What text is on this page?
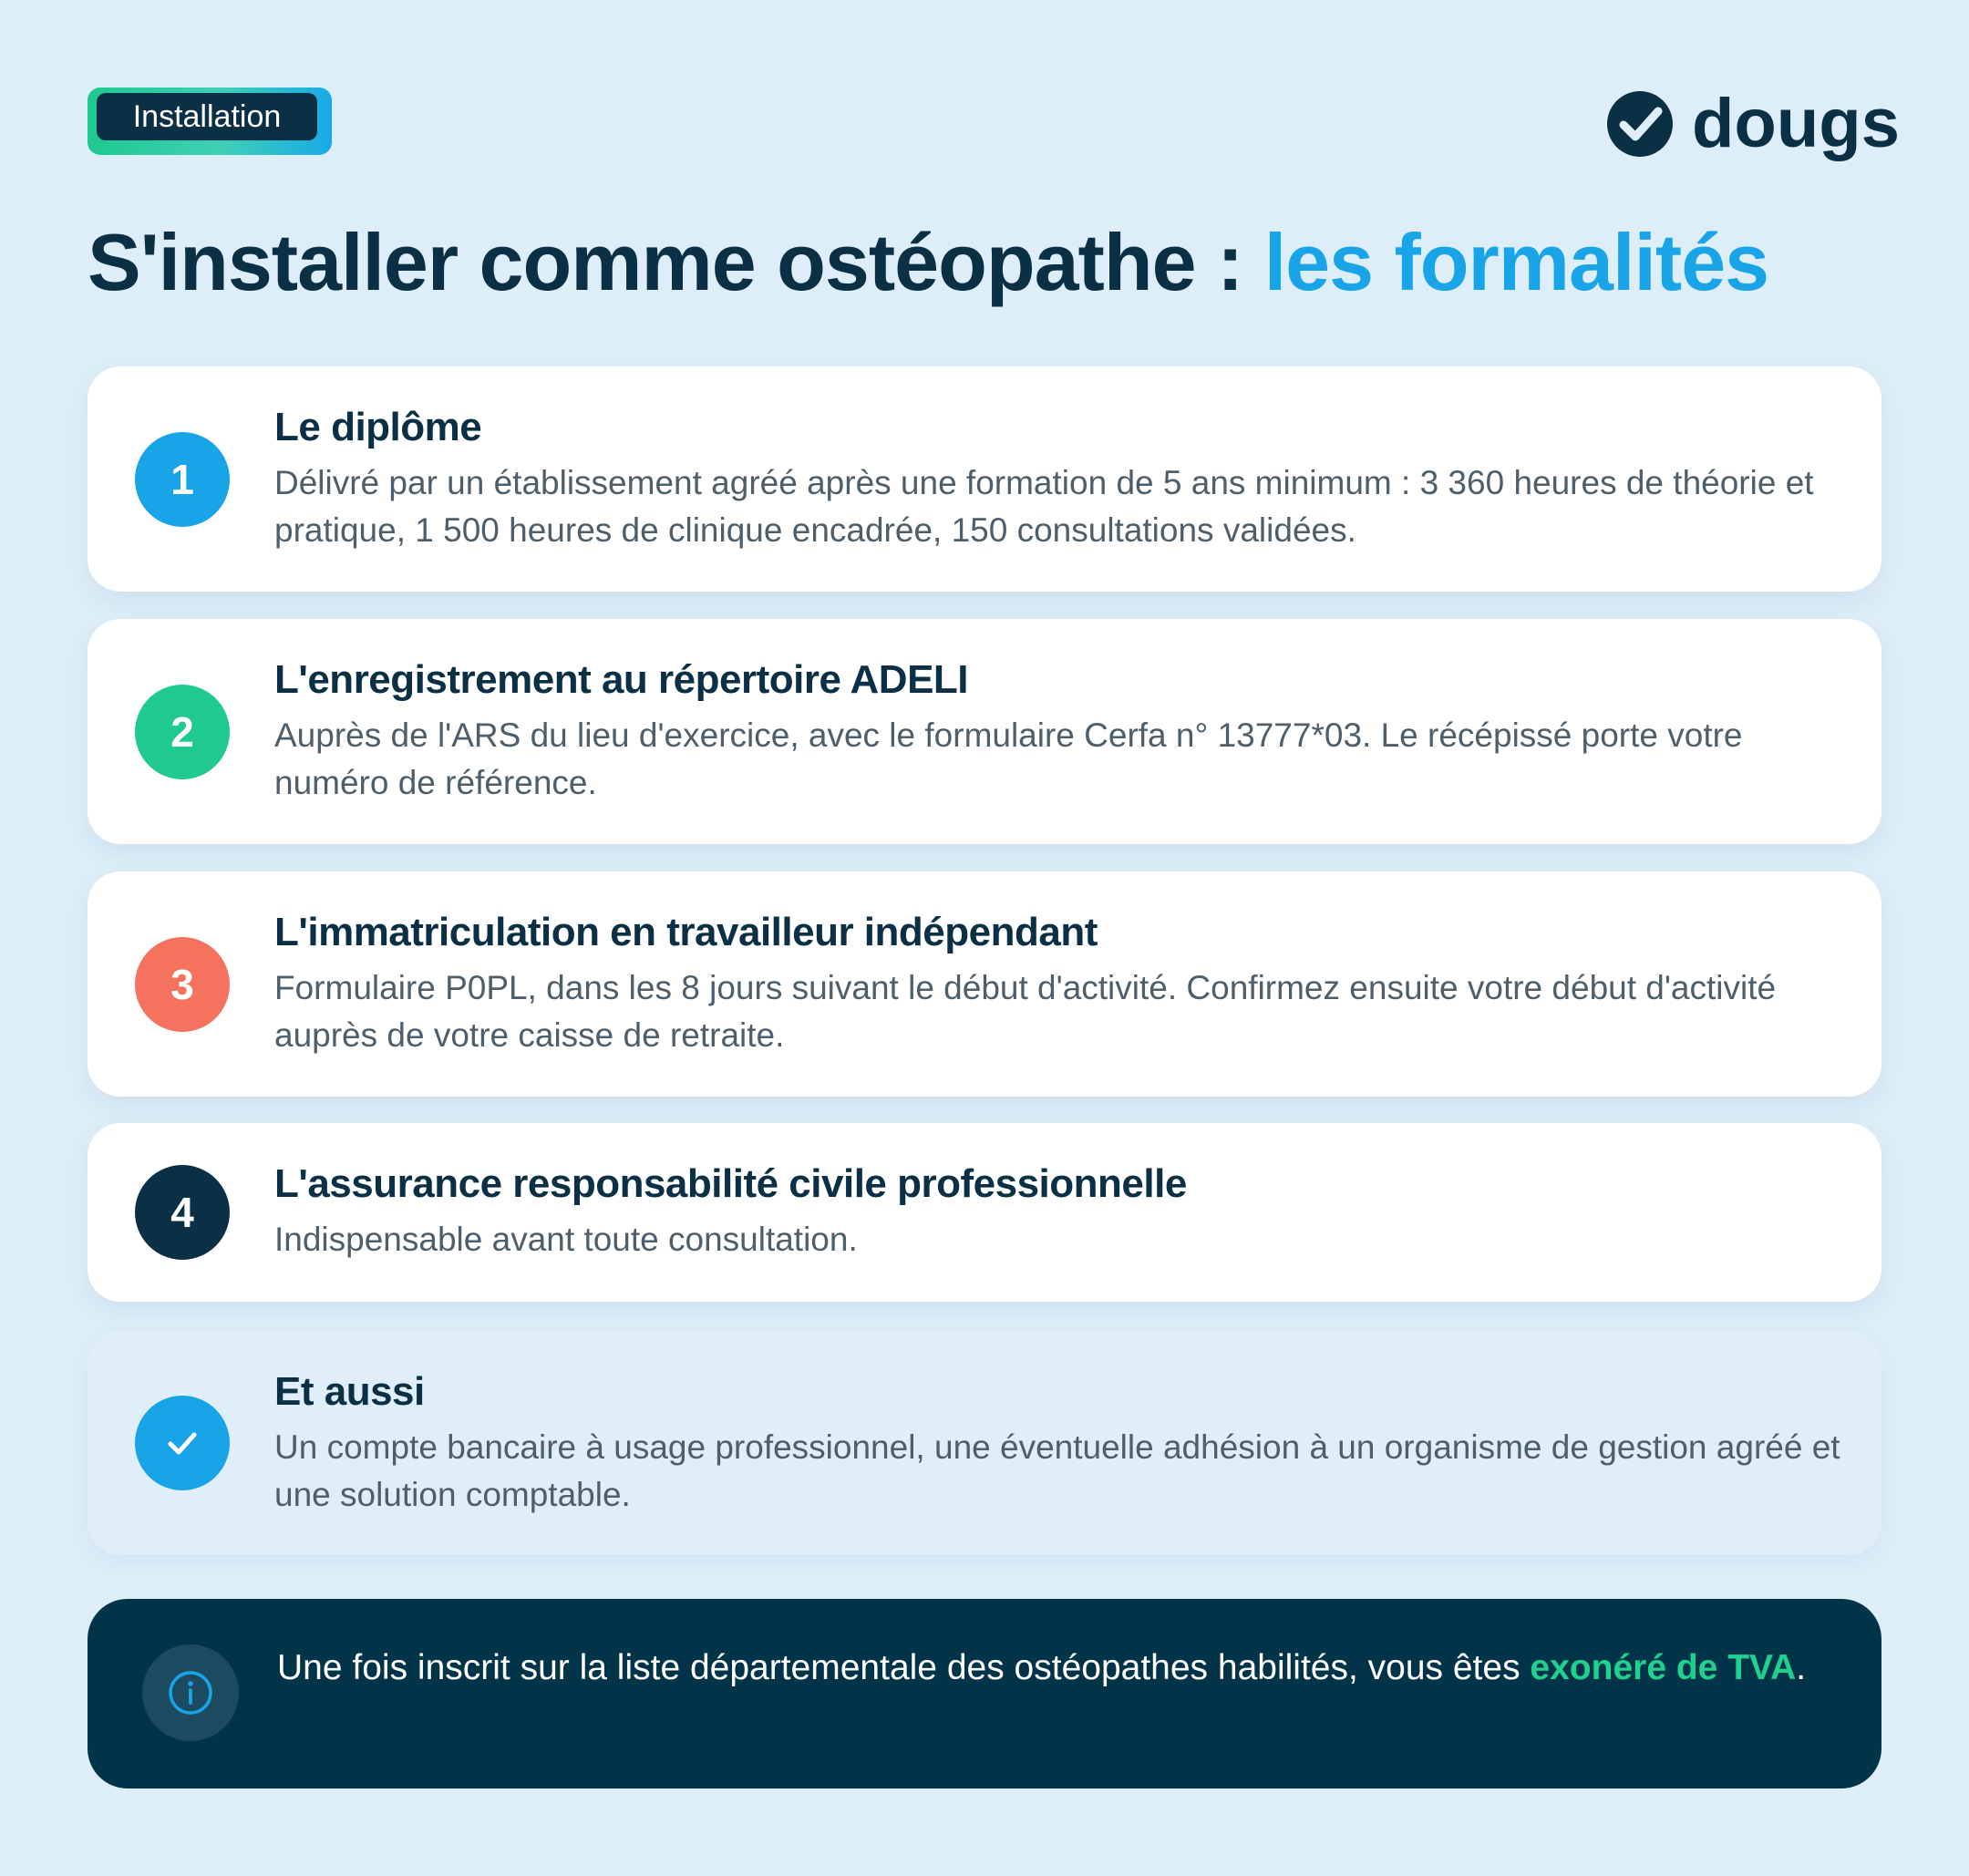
Installation	dougs
S'installer comme ostéopathe : les formalités
1
Le diplôme

Délivré par un établissement agréé après une formation de 5 ans minimum : 3 360 heures de théorie et pratique, 1 500 heures de clinique encadrée, 150 consultations validées.

2
L'enregistrement au répertoire ADELI

Auprès de l'ARS du lieu d'exercice, avec le formulaire Cerfa n° 13777*03. Le récépissé porte votre numéro de référence.

3
L'immatriculation en travailleur indépendant

Formulaire P0PL, dans les 8 jours suivant le début d'activité. Confirmez ensuite votre début d'activité auprès de votre caisse de retraite.

4
L'assurance responsabilité civile professionnelle

Indispensable avant toute consultation.

Et aussi

Un compte bancaire à usage professionnel, une éventuelle adhésion à un organisme de gestion agréé et une solution comptable.

Une fois inscrit sur la liste départementale des ostéopathes habilités, vous êtes exonéré de TVA.
